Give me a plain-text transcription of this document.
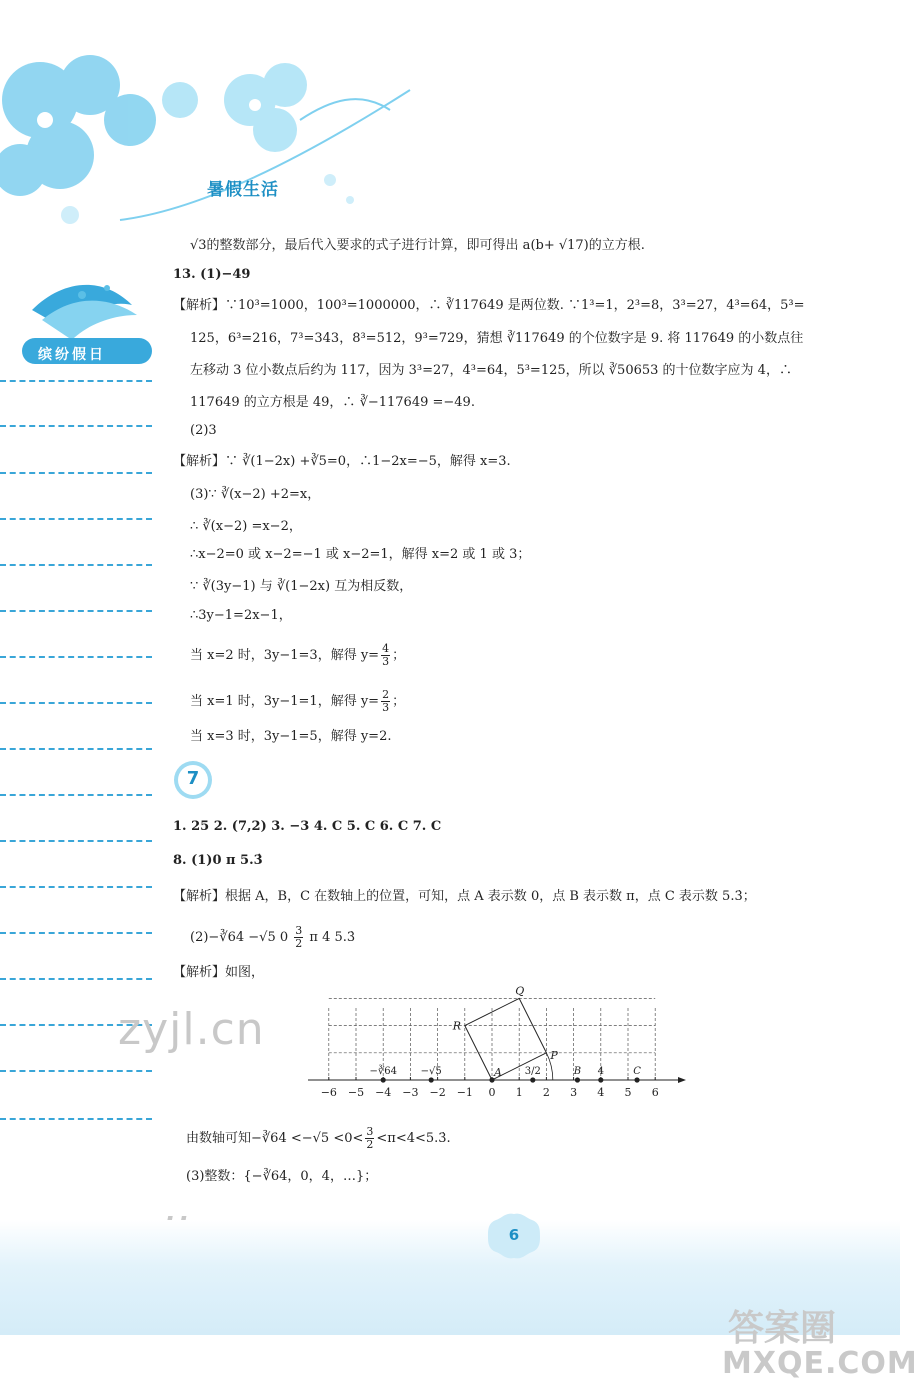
暑假生活
缤纷假日
√3的整数部分，最后代入要求的式子进行计算，即可得出 a(b+ √17)的立方根.
13. (1)−49
【解析】∵10³=1000，100³=1000000，∴ ∛117649 是两位数. ∵1³=1，2³=8，3³=27，4³=64，5³=
125，6³=216，7³=343，8³=512，9³=729，猜想 ∛117649 的个位数字是 9. 将 117649 的小数点往
左移动 3 位小数点后约为 117，因为 3³=27，4³=64，5³=125，所以 ∛50653 的十位数字应为 4，∴
117649 的立方根是 49，∴ ∛−117649 =−49.
(2)3
【解析】∵ ∛(1−2x) +∛5=0，∴1−2x=−5，解得 x=3.
(3)∵ ∛(x−2) +2=x，
∴ ∛(x−2) =x−2，
∴x−2=0 或 x−2=−1 或 x−2=1，解得 x=2 或 1 或 3；
∵ ∛(3y−1) 与 ∛(1−2x) 互为相反数，
∴3y−1=2x−1，
当 x=2 时，3y−1=3，解得 $y= \frac{4}{3}$ ；
当 x=1 时，3y−1=1，解得 $y= \frac{2}{3}$ ；
当 x=3 时，3y−1=5，解得 y=2.
7
1. 25 2. (7,2) 3. −3 4. C 5. C 6. C 7. C
8. (1)0 π 5.3̇
【解析】根据 A，B，C 在数轴上的位置，可知，点 A 表示数 0，点 B 表示数 π，点 C 表示数 5.3̇；
(2)−∛64 −√5 $0 \frac{3}{2}$ π 4 5.3̇
【解析】如图，
−6 −5 −4 −3 −2 −1 0 1 2 3 4 5 6
Q
R
P
A
−∛64 −√5	3/2	B 4	C
由数轴可知−∛64 $<-√5 <0< \frac{3}{2}$ <π<4<5.3̇.
(3)整数：{−∛64，0，4，…}；
zyjl.cn
6
答案圈
MXQE.COM
